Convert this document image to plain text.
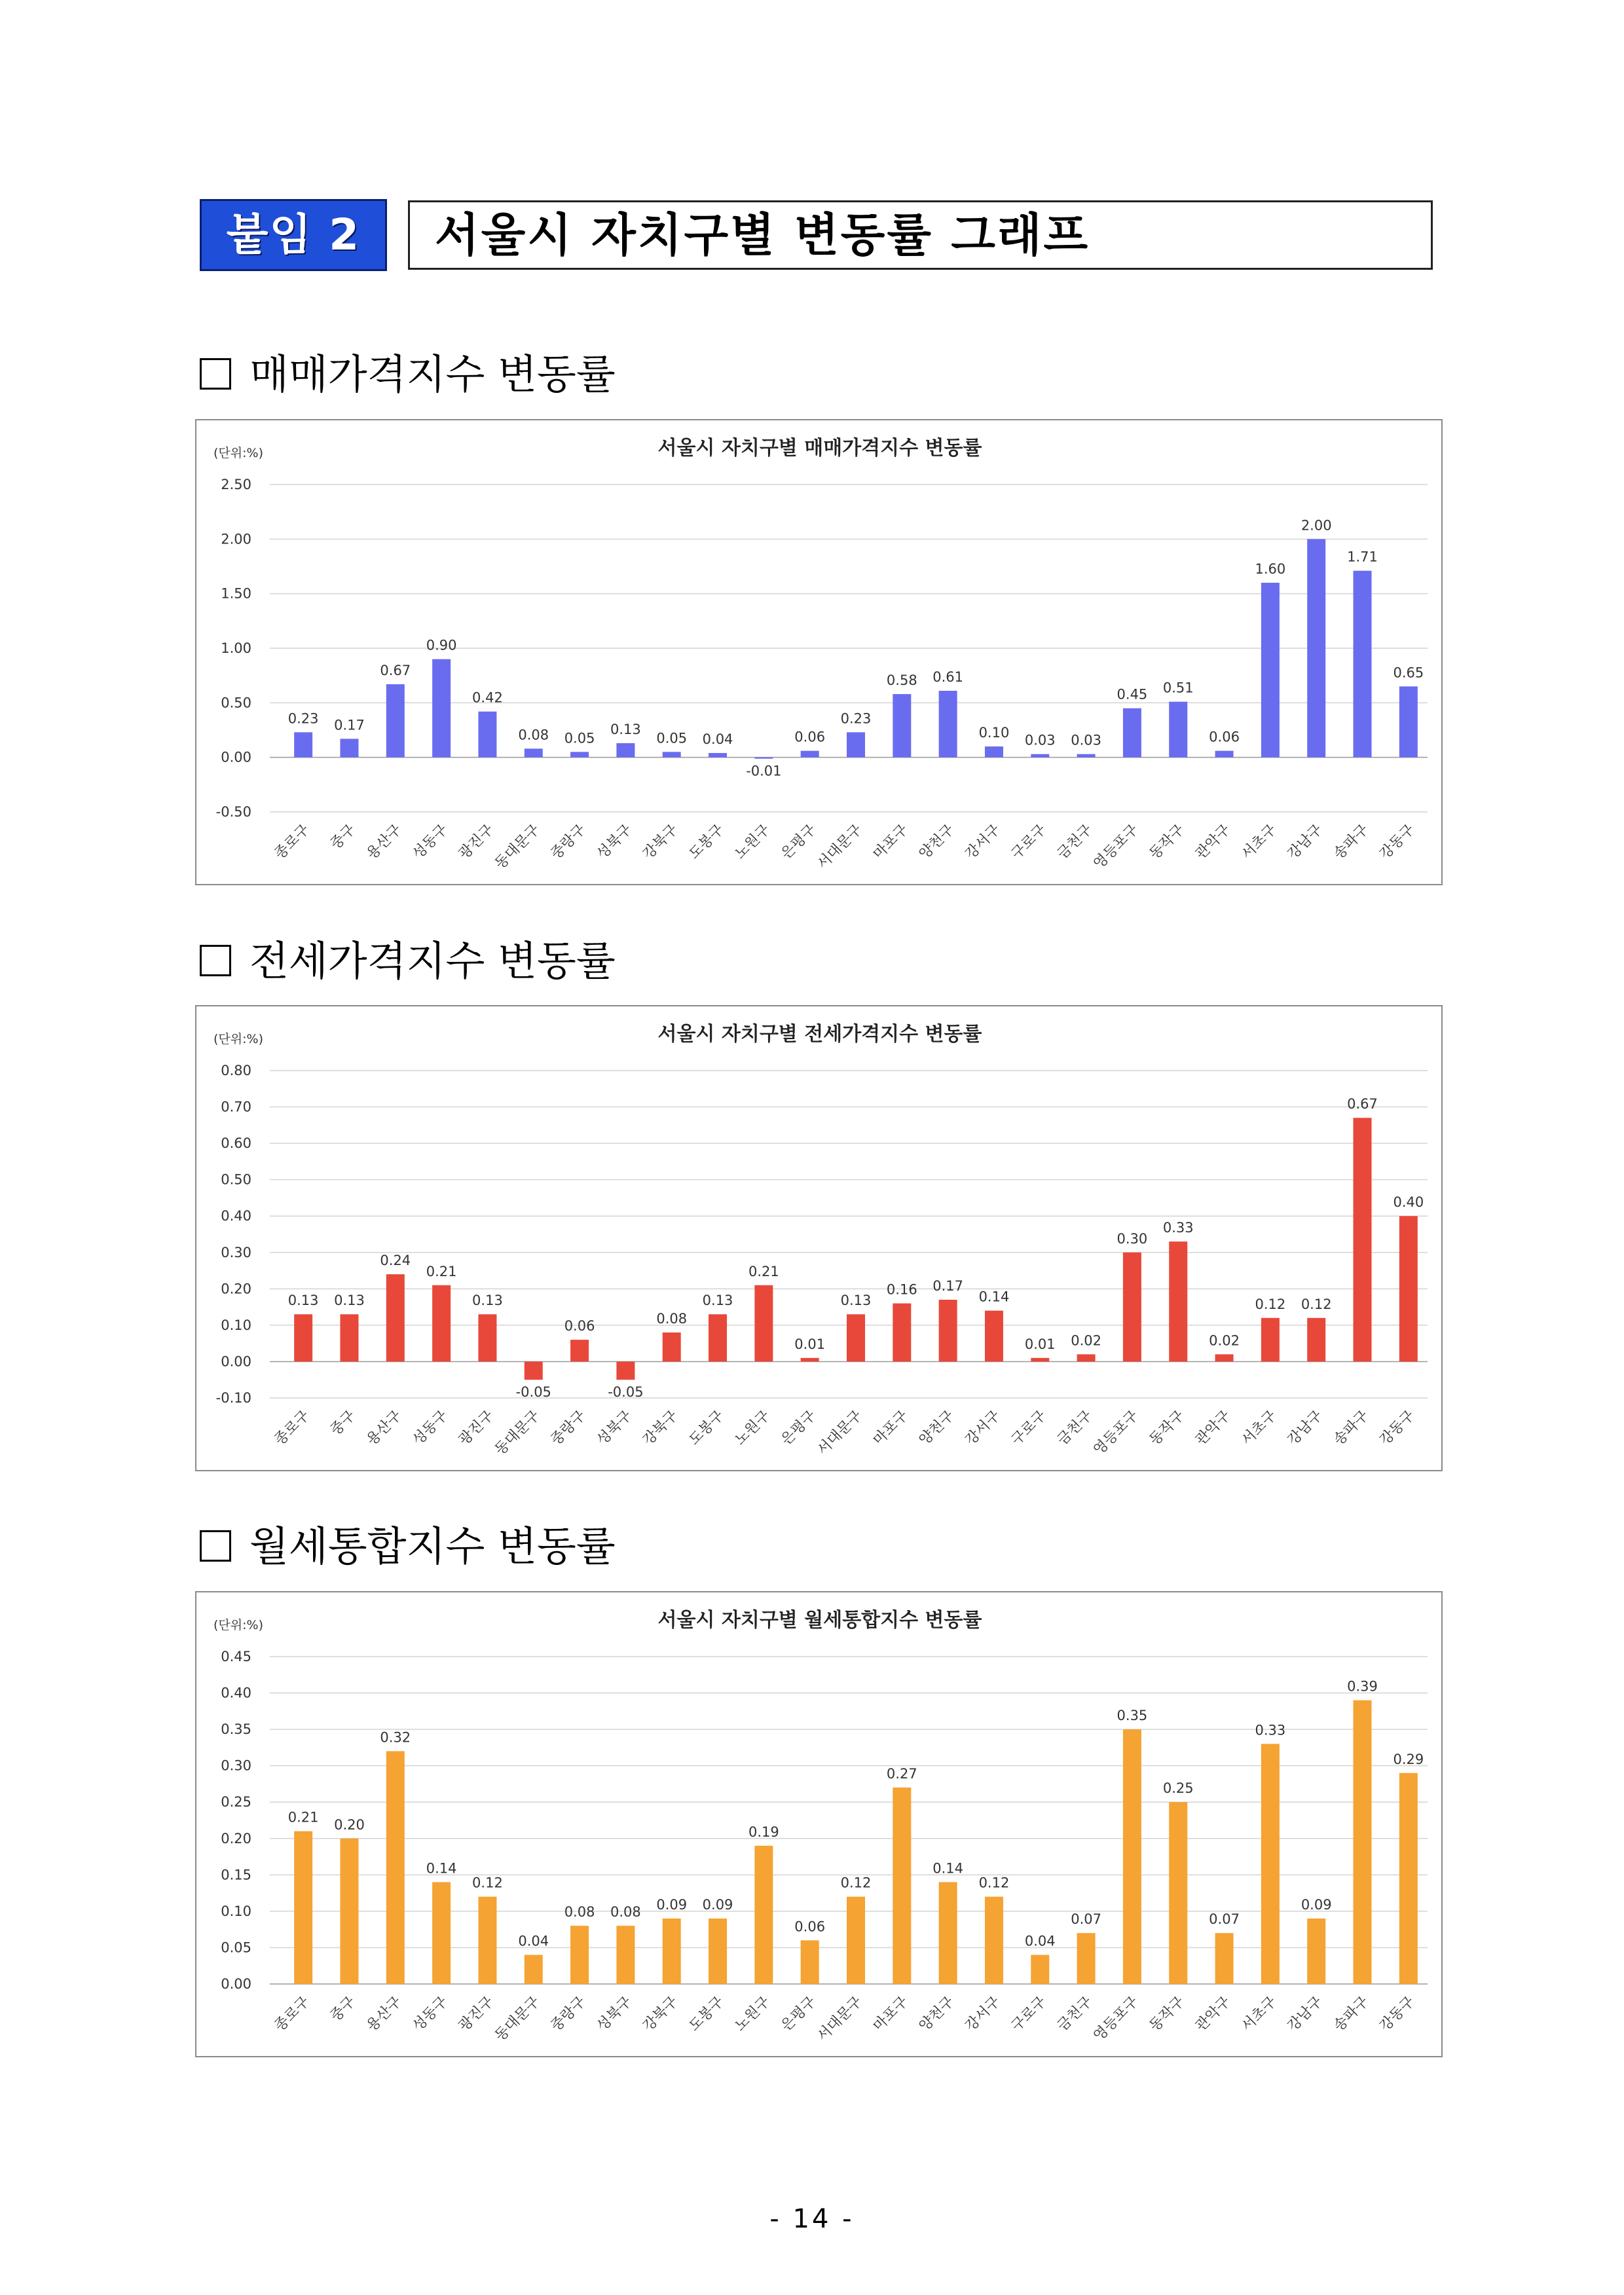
붙임 2	서울시 자치구별 변동률 그래프
매매가격지수 변동률
서울시 자치구별 매매가격지수 변동률
(단위:%)
-0.50
0.00
0.50
1.00
1.50
2.00
2.50
0.23
종로구
0.17
중구
0.67
용산구
0.90
성동구
0.42
광진구
0.08
동대문구
0.05
중랑구
0.13
성북구
0.05
강북구
0.04
도봉구
-0.01
노원구
0.06
은평구
0.23
서대문구
0.58
마포구
0.61
양천구
0.10
강서구
0.03
구로구
0.03
금천구
0.45
영등포구
0.51
동작구
0.06
관악구
1.60
서초구
2.00
강남구
1.71
송파구
0.65
강동구
전세가격지수 변동률
서울시 자치구별 전세가격지수 변동률
(단위:%)
-0.10
0.00
0.10
0.20
0.30
0.40
0.50
0.60
0.70
0.80
0.13
종로구
0.13
중구
0.24
용산구
0.21
성동구
0.13
광진구
-0.05
동대문구
0.06
중랑구
-0.05
성북구
0.08
강북구
0.13
도봉구
0.21
노원구
0.01
은평구
0.13
서대문구
0.16
마포구
0.17
양천구
0.14
강서구
0.01
구로구
0.02
금천구
0.30
영등포구
0.33
동작구
0.02
관악구
0.12
서초구
0.12
강남구
0.67
송파구
0.40
강동구
월세통합지수 변동률
서울시 자치구별 월세통합지수 변동률
(단위:%)
0.00
0.05
0.10
0.15
0.20
0.25
0.30
0.35
0.40
0.45
0.21
종로구
0.20
중구
0.32
용산구
0.14
성동구
0.12
광진구
0.04
동대문구
0.08
중랑구
0.08
성북구
0.09
강북구
0.09
도봉구
0.19
노원구
0.06
은평구
0.12
서대문구
0.27
마포구
0.14
양천구
0.12
강서구
0.04
구로구
0.07
금천구
0.35
영등포구
0.25
동작구
0.07
관악구
0.33
서초구
0.09
강남구
0.39
송파구
0.29
강동구
- 14 -
